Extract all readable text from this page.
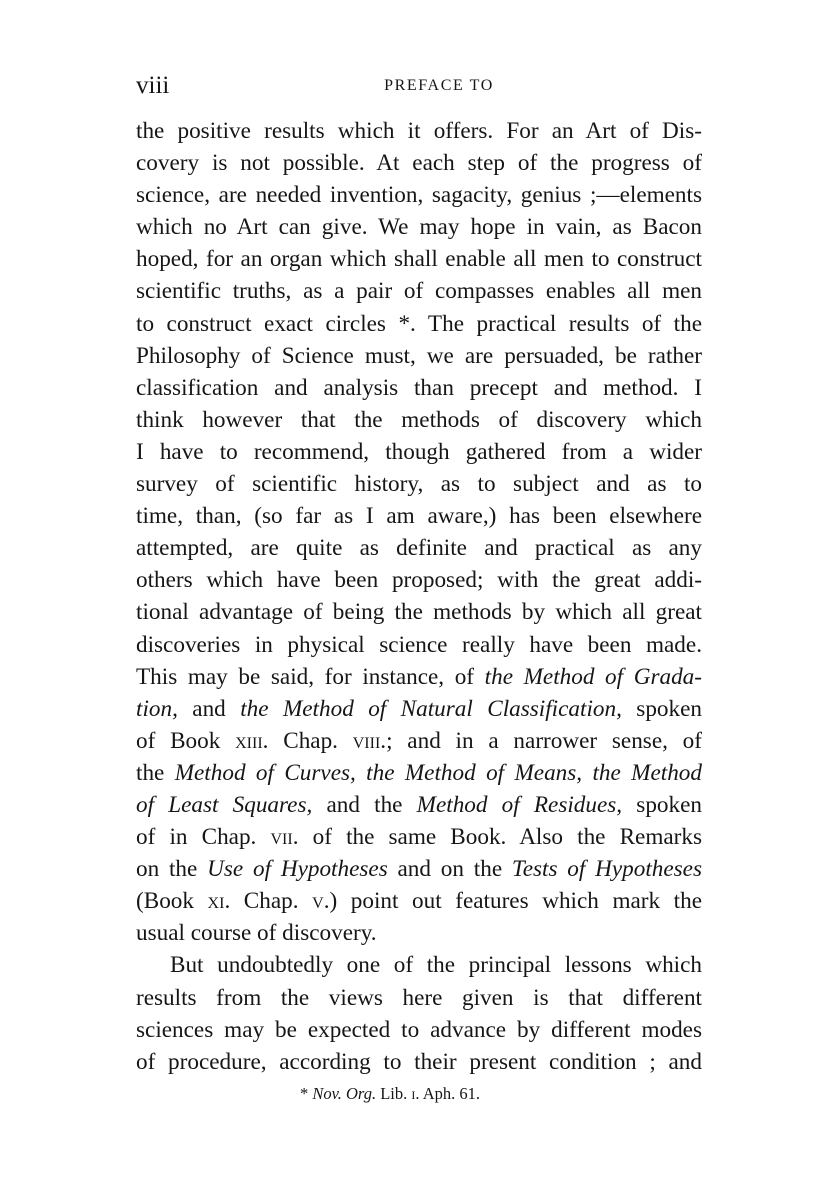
viii	PREFACE TO
the positive results which it offers. For an Art of Dis-
covery is not possible. At each step of the progress of
science, are needed invention, sagacity, genius ;—elements
which no Art can give. We may hope in vain, as Bacon
hoped, for an organ which shall enable all men to construct
scientific truths, as a pair of compasses enables all men
to construct exact circles *. The practical results of the
Philosophy of Science must, we are persuaded, be rather
classification and analysis than precept and method. I
think however that the methods of discovery which
I have to recommend, though gathered from a wider
survey of scientific history, as to subject and as to
time, than, (so far as I am aware,) has been elsewhere
attempted, are quite as definite and practical as any
others which have been proposed; with the great addi-
tional advantage of being the methods by which all great
discoveries in physical science really have been made.
This may be said, for instance, of the Method of Grada-
tion, and the Method of Natural Classification, spoken
of Book xiii. Chap. viii.; and in a narrower sense, of
the Method of Curves, the Method of Means, the Method
of Least Squares, and the Method of Residues, spoken
of in Chap. vii. of the same Book. Also the Remarks
on the Use of Hypotheses and on the Tests of Hypotheses
(Book xi. Chap. v.) point out features which mark the
usual course of discovery.
But undoubtedly one of the principal lessons which
results from the views here given is that different
sciences may be expected to advance by different modes
of procedure, according to their present condition ; and
* Nov. Org. Lib. i. Aph. 61.
